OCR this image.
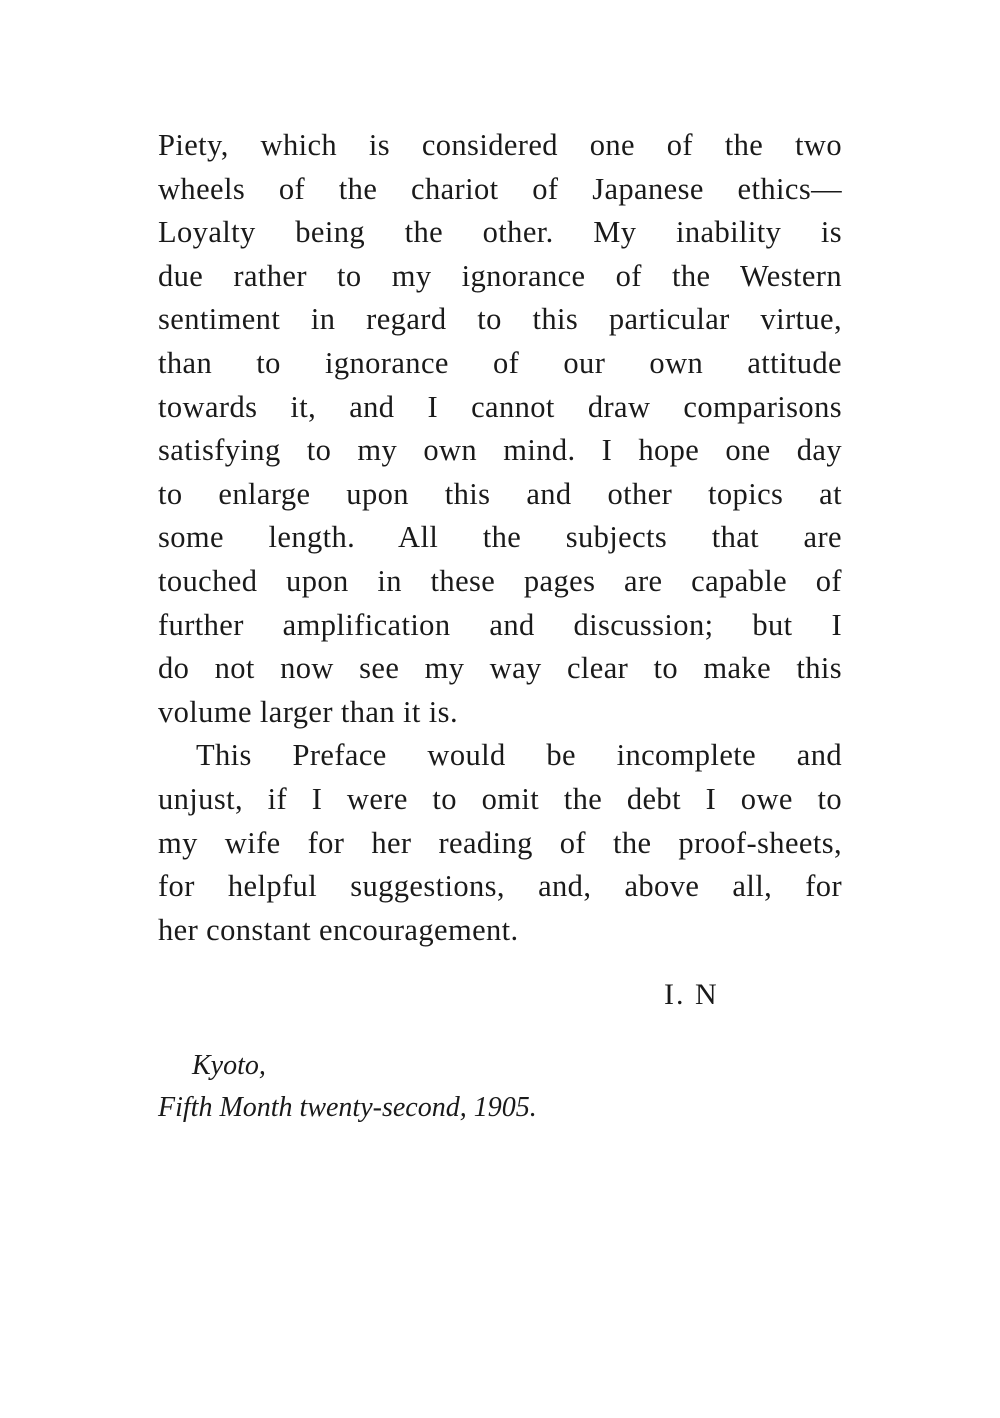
Piety, which is considered one of the two
wheels of the chariot of Japanese ethics—
Loyalty being the other. My inability is
due rather to my ignorance of the Western
sentiment in regard to this particular virtue,
than to ignorance of our own attitude
towards it, and I cannot draw comparisons
satisfying to my own mind. I hope one day
to enlarge upon this and other topics at
some length. All the subjects that are
touched upon in these pages are capable of
further amplification and discussion; but I
do not now see my way clear to make this
volume larger than it is.
This Preface would be incomplete and
unjust, if I were to omit the debt I owe to
my wife for her reading of the proof-sheets,
for helpful suggestions, and, above all, for
her constant encouragement.
I. N
Kyoto,
Fifth Month twenty-second, 1905.
